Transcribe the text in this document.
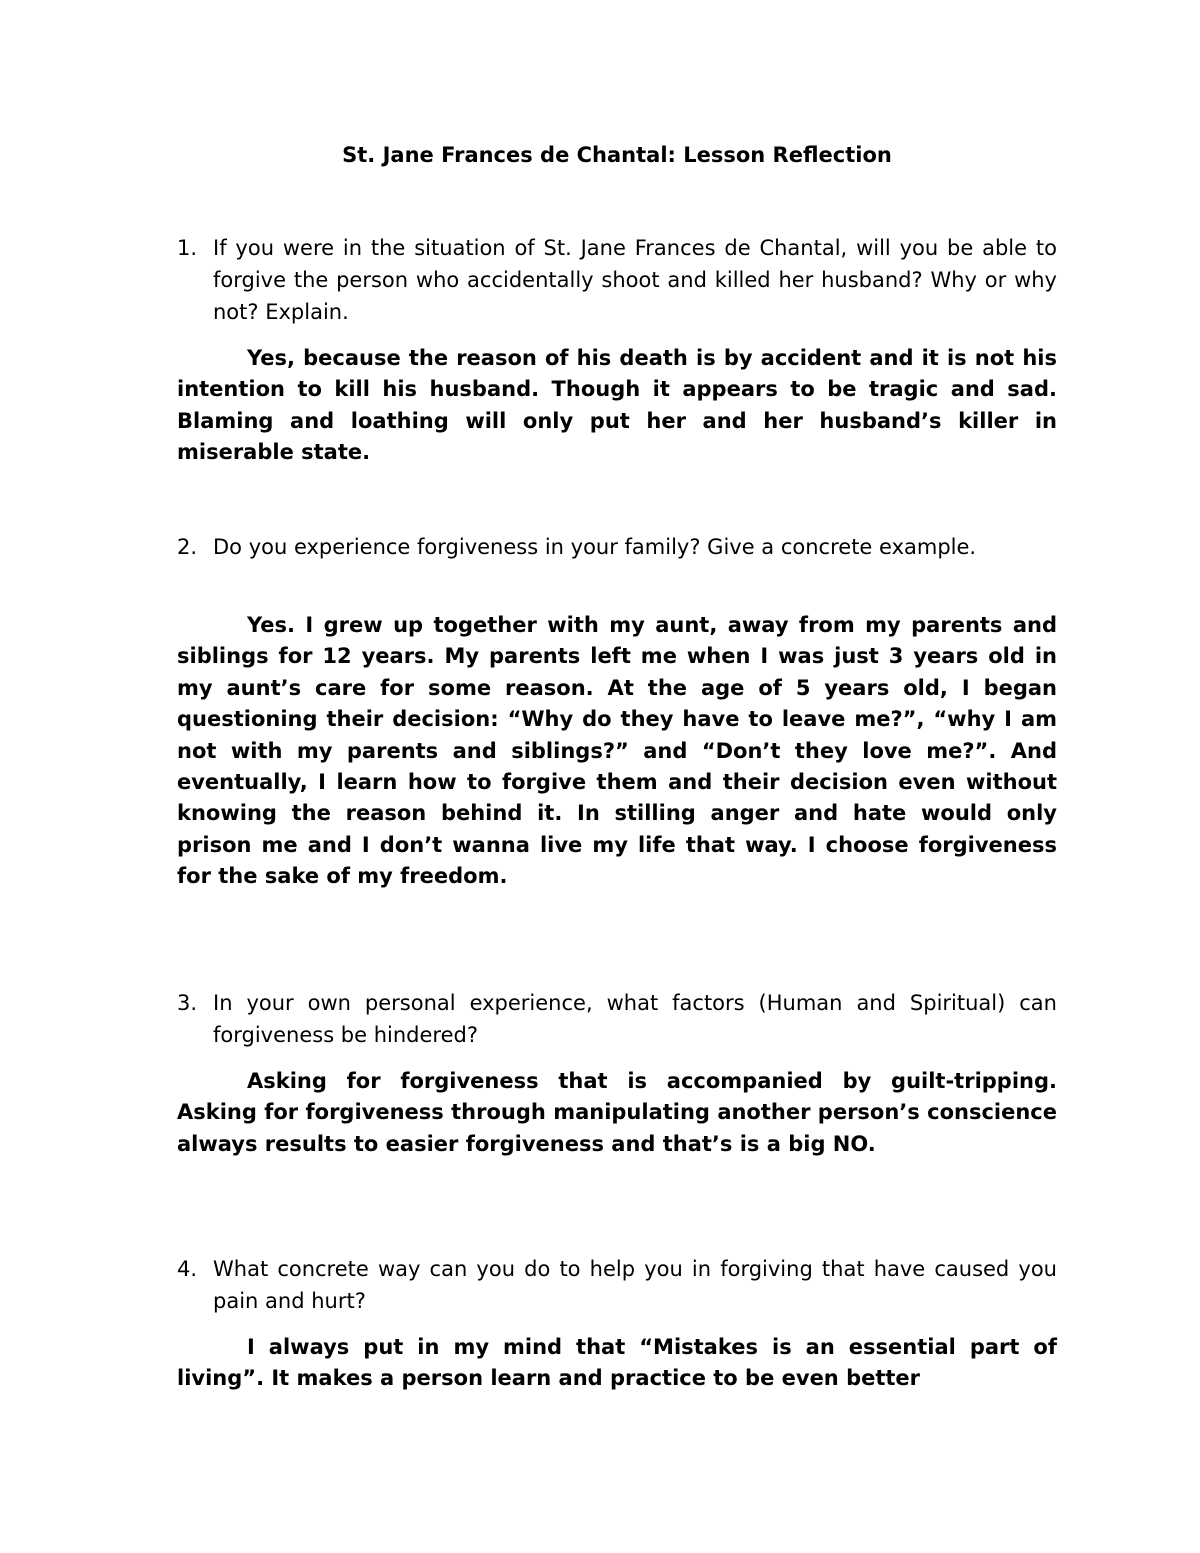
St. Jane Frances de Chantal: Lesson Reflection
1. If you were in the situation of St. Jane Frances de Chantal, will you be able to forgive the person who accidentally shoot and killed her husband? Why or why not? Explain.

Yes, because the reason of his death is by accident and it is not his intention to kill his husband. Though it appears to be tragic and sad. Blaming and loathing will only put her and her husband’s killer in miserable state.

2. Do you experience forgiveness in your family? Give a concrete example.

Yes. I grew up together with my aunt, away from my parents and siblings for 12 years. My parents left me when I was just 3 years old in my aunt’s care for some reason. At the age of 5 years old, I began questioning their decision: “Why do they have to leave me?”, “why I am not with my parents and siblings?” and “Don’t they love me?”. And eventually, I learn how to forgive them and their decision even without knowing the reason behind it. In stilling anger and hate would only prison me and I don’t wanna live my life that way. I choose forgiveness for the sake of my freedom.

3. In your own personal experience, what factors (Human and Spiritual) can forgiveness be hindered?

Asking for forgiveness that is accompanied by guilt-tripping. Asking for forgiveness through manipulating another person’s conscience always results to easier forgiveness and that’s is a big NO.

4. What concrete way can you do to help you in forgiving that have caused you pain and hurt?

I always put in my mind that “Mistakes is an essential part of living”. It makes a person learn and practice to be even better
